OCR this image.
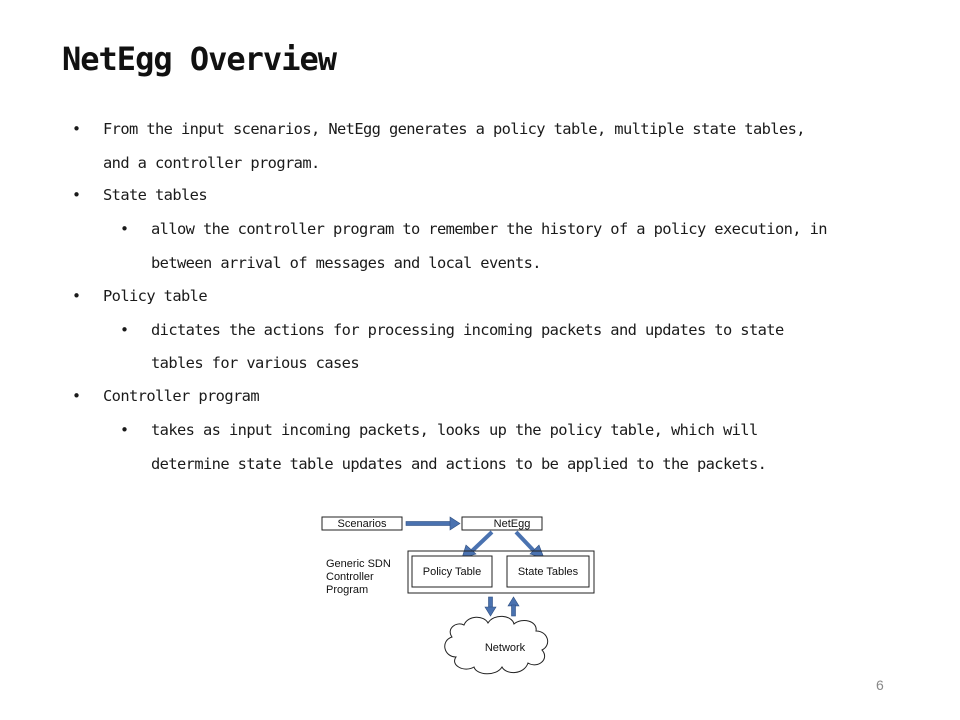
NetEgg Overview
• From the input scenarios, NetEgg generates a policy table, multiple state tables,
and a controller program.
• State tables
• allow the controller program to remember the history of a policy execution, in
between arrival of messages and local events.
• Policy table
• dictates the actions for processing incoming packets and updates to state
tables for various cases
• Controller program
• takes as input incoming packets, looks up the policy table, which will
determine state table updates and actions to be applied to the packets.
Scenarios	NetEgg
Generic SDN
Controller
Program
Policy Table	State Tables
Network
6
